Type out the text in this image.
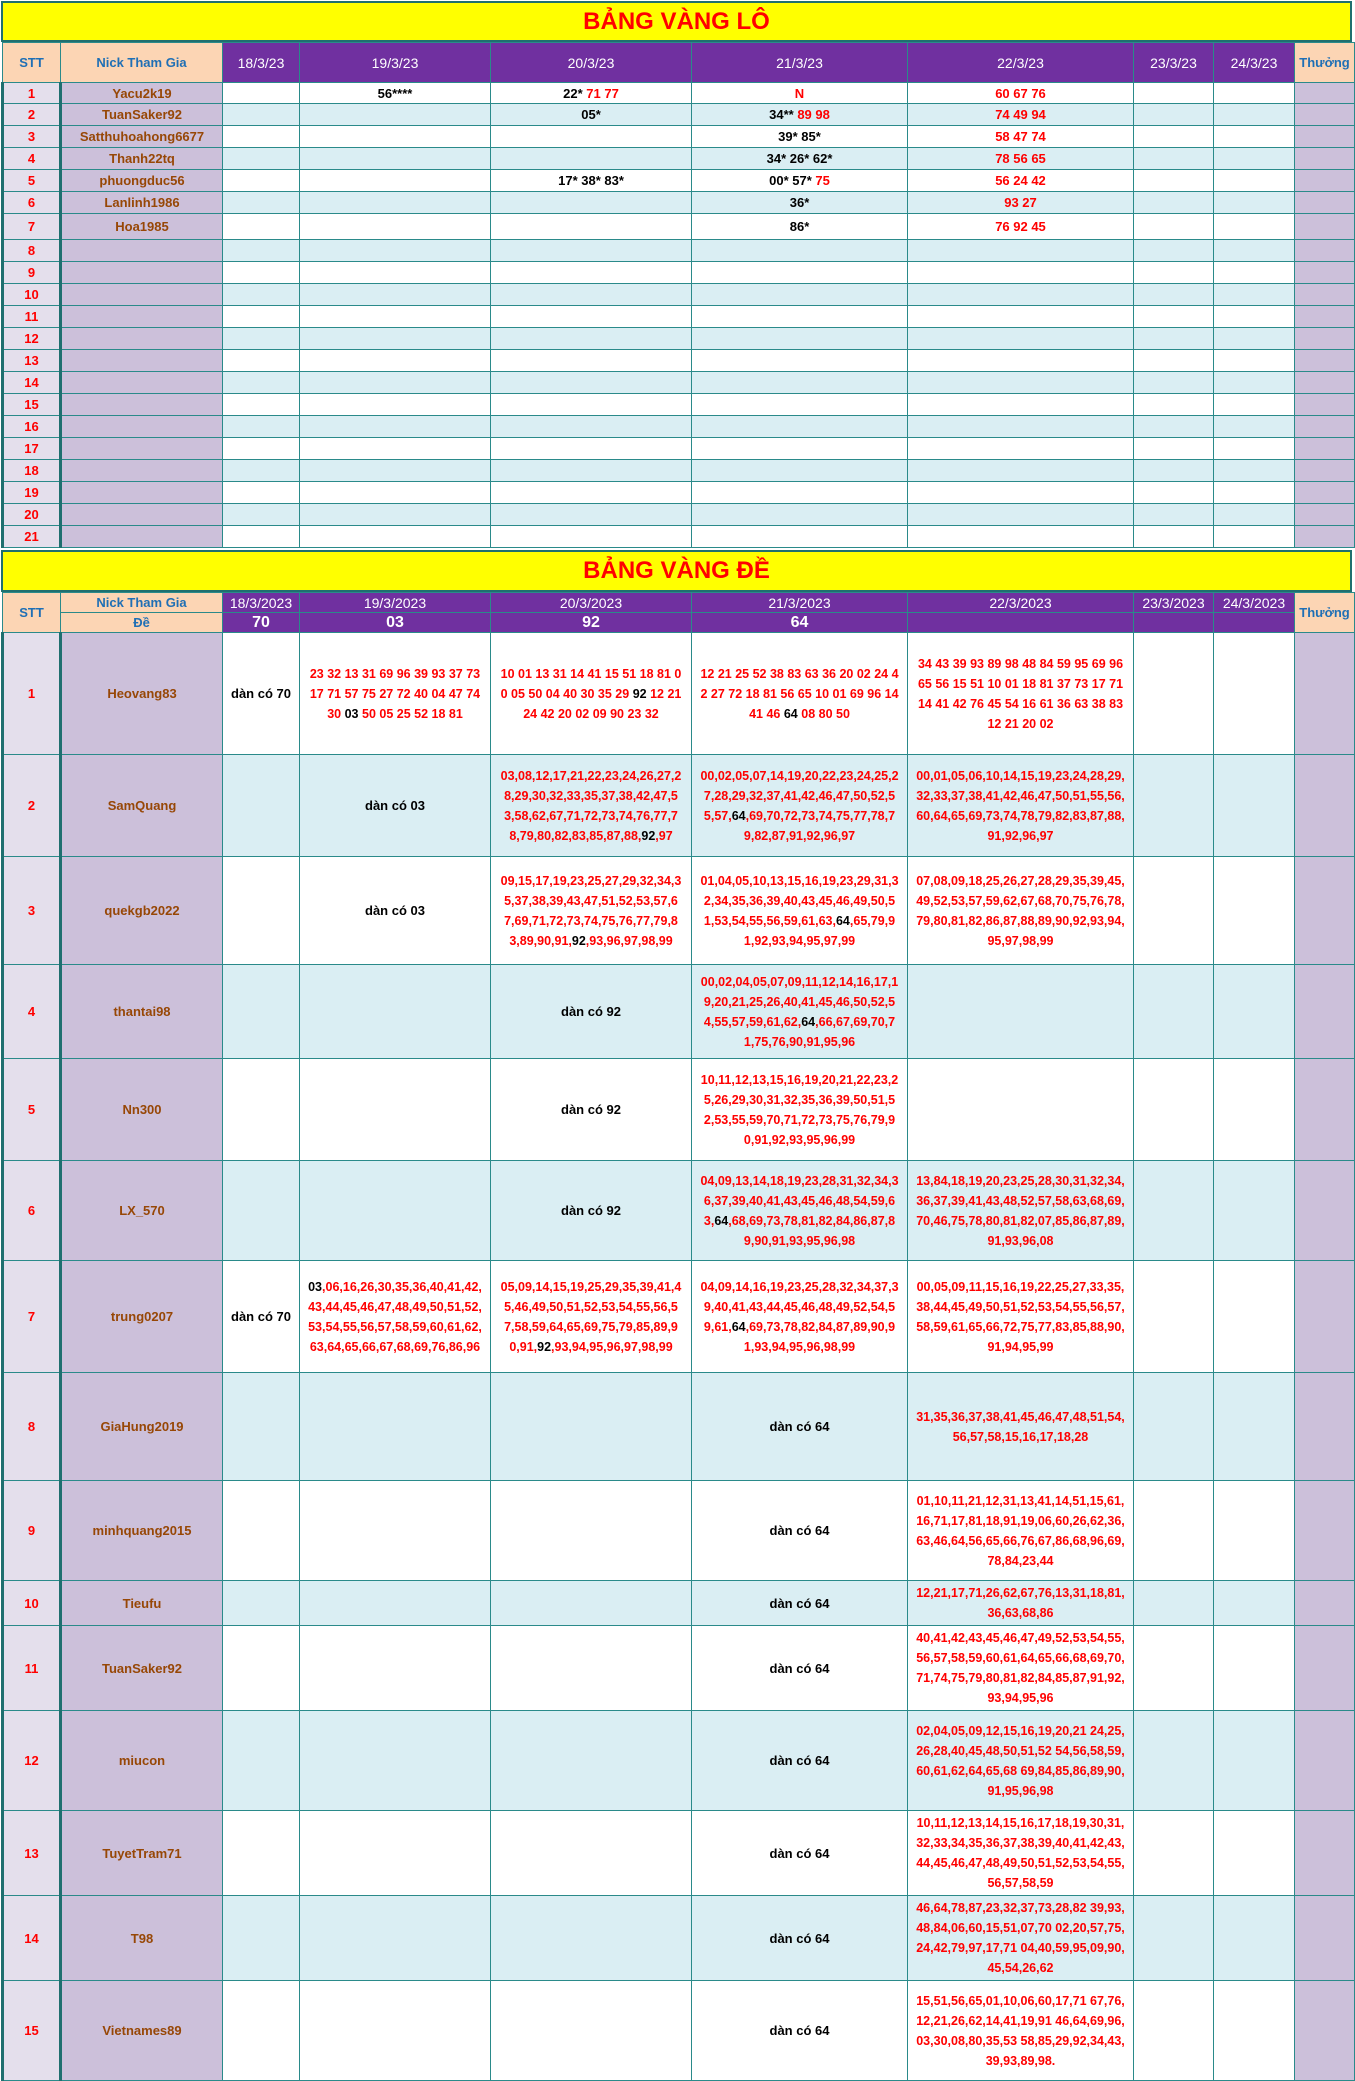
BẢNG VÀNG LÔ
STT	Nick Tham Gia	18/3/23	19/3/23	20/3/23	21/3/23	22/3/23	23/3/23	24/3/23	Thưởng
1	Yacu2k19		56****	22* 71 77	N	60 67 76			
2	TuanSaker92			05*	34** 89 98	74 49 94			
3	Satthuhoahong6677				39* 85*	58 47 74			
4	Thanh22tq				34* 26* 62*	78 56 65			
5	phuongduc56			17* 38* 83*	00* 57* 75	56 24 42			
6	Lanlinh1986				36*	93 27			
7	Hoa1985				86*	76 92 45			
8									
9									
10									
11									
12									
13									
14									
15									
16									
17									
18									
19									
20									
21									
BẢNG VÀNG ĐỀ
STT	Nick Tham Gia	18/3/2023	19/3/2023	20/3/2023	21/3/2023	22/3/2023	23/3/2023	24/3/2023	Thưởng
	Đề	70	03	92	64				
1	Heovang83	dàn có 70	23 32 13 31 69 96 39 93 37 73 17 71 57 75 27 72 40 04 47 74 30 03 50 05 25 52 18 81	10 01 13 31 14 41 15 51 18 81 00 05 50 04 40 30 35 29 92 12 21 24 42 20 02 09 90 23 32	12 21 25 52 38 83 63 36 20 02 24 42 27 72 18 81 56 65 10 01 69 96 14 41 46 64 08 80 50	34 43 39 93 89 98 48 84 59 95 69 96 65 56 15 51 10 01 18 81 37 73 17 71 14 41 42 76 45 54 16 61 36 63 38 83 12 21 20 02			
2	SamQuang		dàn có 03	03,08,12,17,21,22,23,24,26,27,28,29,30,32,33,35,37,38,42,47,53,58,62,67,71,72,73,74,76,77,78,79,80,82,83,85,87,88,92,97	00,02,05,07,14,19,20,22,23,24,25,27,28,29,32,37,41,42,46,47,50,52,55,57,64,69,70,72,73,74,75,77,78,79,82,87,91,92,96,97	00,01,05,06,10,14,15,19,23,24,28,29,32,33,37,38,41,42,46,47,50,51,55,56,60,64,65,69,73,74,78,79,82,83,87,88,91,92,96,97			
3	quekgb2022		dàn có 03	09,15,17,19,23,25,27,29,32,34,35,37,38,39,43,47,51,52,53,57,67,69,71,72,73,74,75,76,77,79,83,89,90,91,92,93,96,97,98,99	01,04,05,10,13,15,16,19,23,29,31,32,34,35,36,39,40,43,45,46,49,50,51,53,54,55,56,59,61,63,64,65,79,91,92,93,94,95,97,99	07,08,09,18,25,26,27,28,29,35,39,45,49,52,53,57,59,62,67,68,70,75,76,78,79,80,81,82,86,87,88,89,90,92,93,94,95,97,98,99			
4	thantai98			dàn có 92	00,02,04,05,07,09,11,12,14,16,17,19,20,21,25,26,40,41,45,46,50,52,54,55,57,59,61,62,64,66,67,69,70,71,75,76,90,91,95,96				
5	Nn300			dàn có 92	10,11,12,13,15,16,19,20,21,22,23,25,26,29,30,31,32,35,36,39,50,51,52,53,55,59,70,71,72,73,75,76,79,90,91,92,93,95,96,99				
6	LX_570			dàn có 92	04,09,13,14,18,19,23,28,31,32,34,36,37,39,40,41,43,45,46,48,54,59,63,64,68,69,73,78,81,82,84,86,87,89,90,91,93,95,96,98	13,84,18,19,20,23,25,28,30,31,32,34,36,37,39,41,43,48,52,57,58,63,68,69,70,46,75,78,80,81,82,07,85,86,87,89,91,93,96,08			
7	trung0207	dàn có 70	03,06,16,26,30,35,36,40,41,42,43,44,45,46,47,48,49,50,51,52,53,54,55,56,57,58,59,60,61,62,63,64,65,66,67,68,69,76,86,96	05,09,14,15,19,25,29,35,39,41,45,46,49,50,51,52,53,54,55,56,57,58,59,64,65,69,75,79,85,89,90,91,92,93,94,95,96,97,98,99	04,09,14,16,19,23,25,28,32,34,37,39,40,41,43,44,45,46,48,49,52,54,59,61,64,69,73,78,82,84,87,89,90,91,93,94,95,96,98,99	00,05,09,11,15,16,19,22,25,27,33,35,38,44,45,49,50,51,52,53,54,55,56,57,58,59,61,65,66,72,75,77,83,85,88,90,91,94,95,99			
8	GiaHung2019				dàn có 64	31,35,36,37,38,41,45,46,47,48,51,54,56,57,58,15,16,17,18,28			
9	minhquang2015				dàn có 64	01,10,11,21,12,31,13,41,14,51,15,61,16,71,17,81,18,91,19,06,60,26,62,36,63,46,64,56,65,66,76,67,86,68,96,69,78,84,23,44			
10	Tieufu				dàn có 64	12,21,17,71,26,62,67,76,13,31,18,81,36,63,68,86			
11	TuanSaker92				dàn có 64	40,41,42,43,45,46,47,49,52,53,54,55,56,57,58,59,60,61,64,65,66,68,69,70,71,74,75,79,80,81,82,84,85,87,91,92,93,94,95,96			
12	miucon				dàn có 64	02,04,05,09,12,15,16,19,20,21 24,25,26,28,40,45,48,50,51,52 54,56,58,59,60,61,62,64,65,68 69,84,85,86,89,90,91,95,96,98			
13	TuyetTram71				dàn có 64	10,11,12,13,14,15,16,17,18,19,30,31,32,33,34,35,36,37,38,39,40,41,42,43,44,45,46,47,48,49,50,51,52,53,54,55,56,57,58,59			
14	T98				dàn có 64	46,64,78,87,23,32,37,73,28,82 39,93,48,84,06,60,15,51,07,70 02,20,57,75,24,42,79,97,17,71 04,40,59,95,09,90,45,54,26,62			
15	Vietnames89				dàn có 64	15,51,56,65,01,10,06,60,17,71 67,76,12,21,26,62,14,41,19,91 46,64,69,96,03,30,08,80,35,53 58,85,29,92,34,43,39,93,89,98.			
